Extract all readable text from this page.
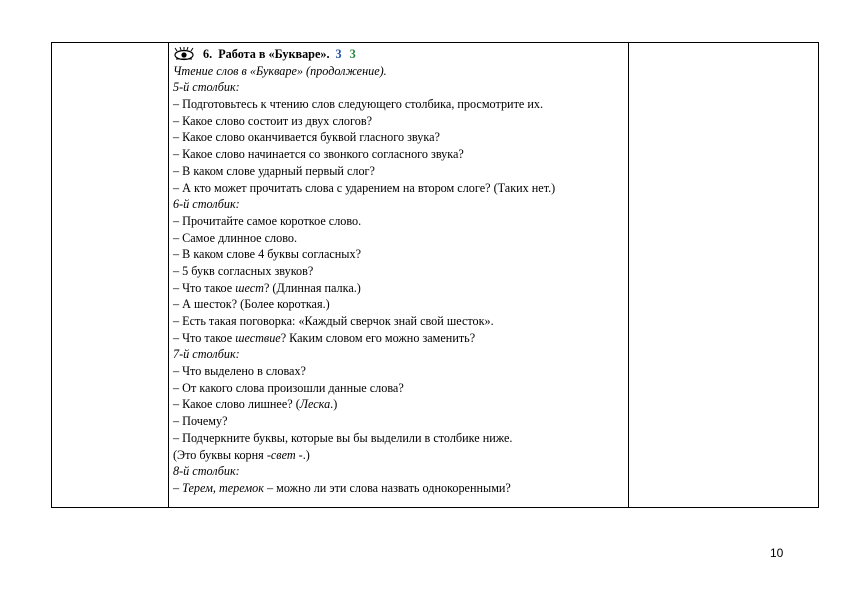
6.
Работа в «Букваре». 3 3
Чтение слов в «Букваре» (продолжение).
5-й столбик:
– Подготовьтесь к чтению слов следующего столбика, просмотрите их.
– Какое слово состоит из двух слогов?
– Какое слово оканчивается буквой гласного звука?
– Какое слово начинается со звонкого согласного звука?
– В каком слове ударный первый слог?
– А кто может прочитать слова с ударением на втором слоге? (Таких нет.)
6-й столбик:
– Прочитайте самое короткое слово.
– Самое длинное слово.
– В каком слове 4 буквы согласных?
– 5 букв согласных звуков?
– Что такое шест? (Длинная палка.)
– А шесток? (Более короткая.)
– Есть такая поговорка: «Каждый сверчок знай свой шесток».
– Что такое шествие? Каким словом его можно заменить?
7-й столбик:
– Что выделено в словах?
– От какого слова произошли данные слова?
– Какое слово лишнее? (Леска.)
– Почему?
– Подчеркните буквы, которые вы бы выделили в столбике ниже.
(Это буквы корня -свет -.)
8-й столбик:
– Терем, теремок – можно ли эти слова назвать однокоренными?
10
